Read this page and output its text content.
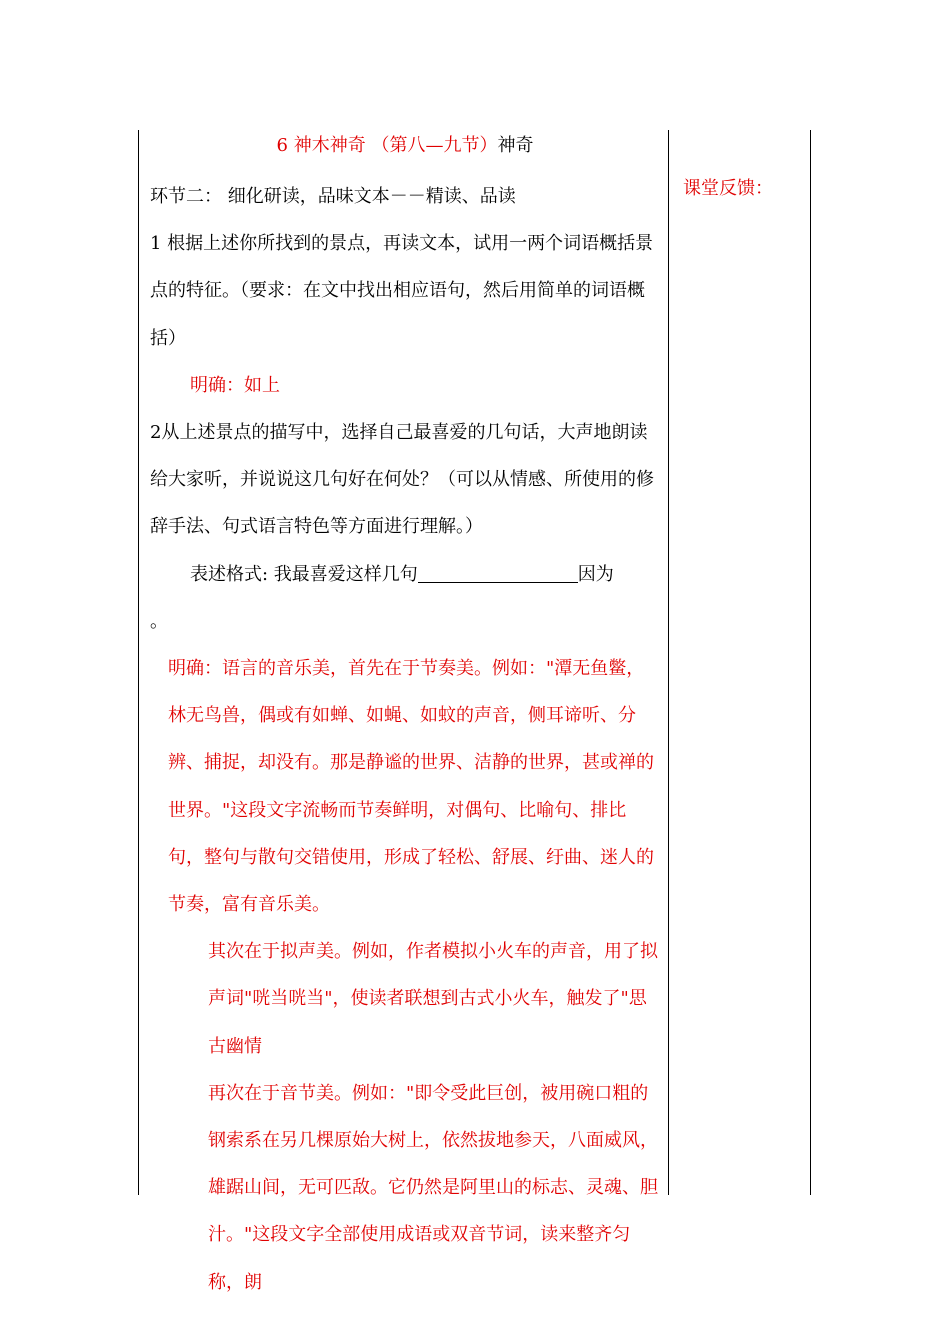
6 神木神奇 （第八—九节）神奇
课堂反馈：

环节二： 细化研读，品味文本－－精读、品读

1 根据上述你所找到的景点，再读文本，试用一两个词语概括景点的特征。（要求：在文中找出相应语句，然后用简单的词语概括）

明确：如上

2从上述景点的描写中，选择自己最喜爱的几句话，大声地朗读给大家听，并说说这几句好在何处？（可以从情感、所使用的修辞手法、句式语言特色等方面进行理解。）

表述格式: 我最喜爱这样几句	因为

。

明确：语言的音乐美，首先在于节奏美。例如："潭无鱼鳖，林无鸟兽，偶或有如蝉、如蝇、如蚊的声音，侧耳谛听、分辨、捕捉，却没有。那是静谧的世界、洁静的世界，甚或禅的世界。"这段文字流畅而节奏鲜明，对偶句、比喻句、排比句，整句与散句交错使用，形成了轻松、舒展、纡曲、迷人的节奏，富有音乐美。

其次在于拟声美。例如，作者模拟小火车的声音，用了拟声词"咣当咣当"，使读者联想到古式小火车，触发了"思古幽情

再次在于音节美。例如："即令受此巨创，被用碗口粗的钢索系在另几棵原始大树上，依然拔地参天，八面威风，雄踞山间，无可匹敌。它仍然是阿里山的标志、灵魂、胆汁。"这段文字全部使用成语或双音节词，读来整齐匀称，朗
